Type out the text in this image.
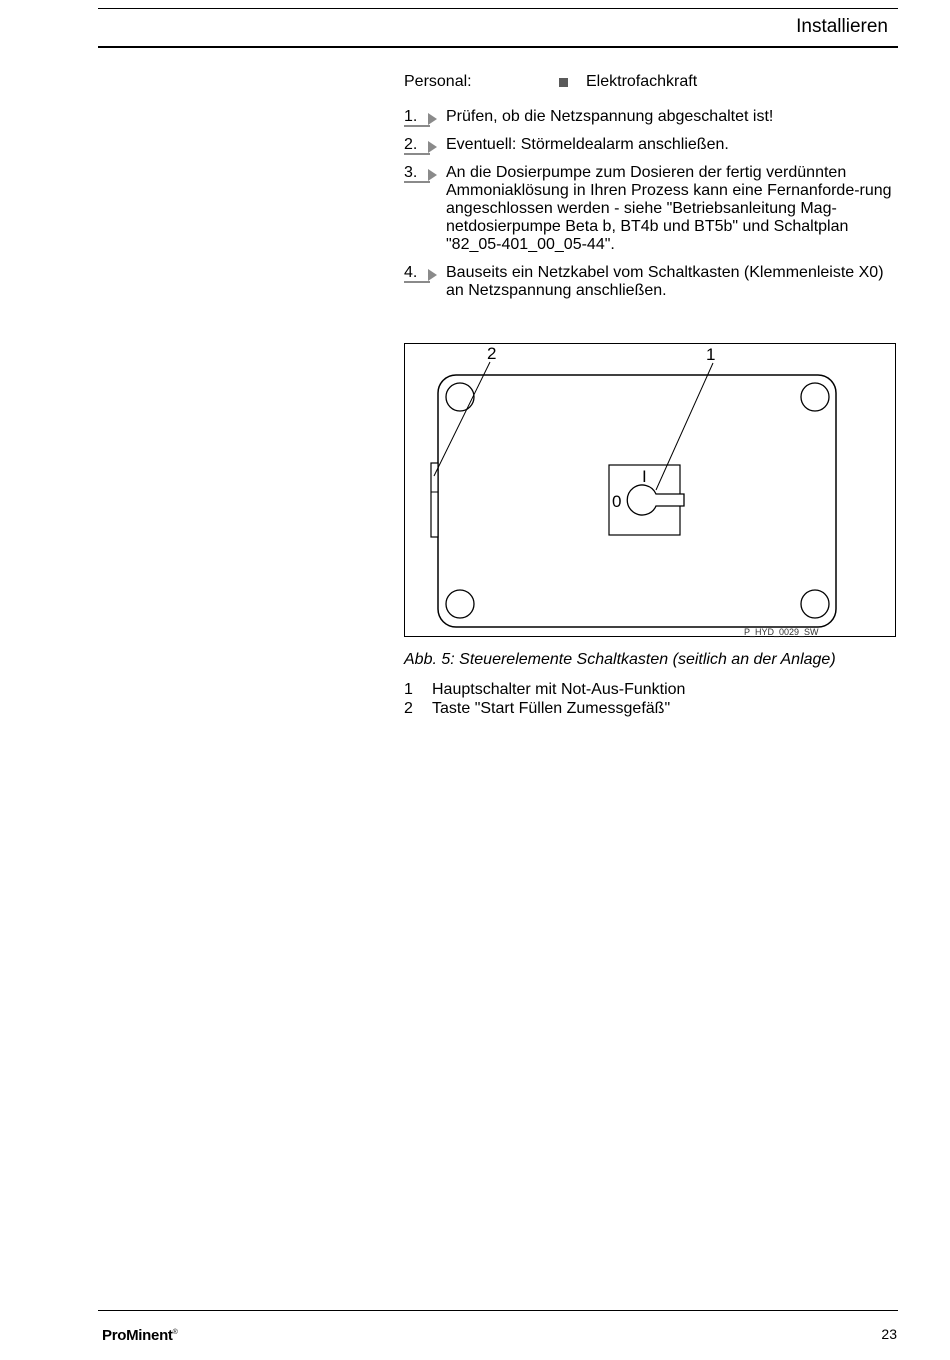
Installieren
Personal:	Elektrofachkraft
1.	Prüfen, ob die Netzspannung abgeschaltet ist!
2.	Eventuell: Störmeldealarm anschließen.
3.	An die Dosierpumpe zum Dosieren der fertig verdünnten Ammoniaklösung in Ihren Prozess kann eine Fernanforde-rung angeschlossen werden - siehe "Betriebsanleitung Mag-netdosierpumpe Beta b, BT4b und BT5b" und Schaltplan "82_05-401_00_05-44".
4.	Bauseits ein Netzkabel vom Schaltkasten (Klemmenleiste X0) an Netzspannung anschließen.
2	1
I
0
P_HYD_0029_SW
Abb. 5: Steuerelemente Schaltkasten (seitlich an der Anlage)
1	Hauptschalter mit Not-Aus-Funktion
2	Taste "Start Füllen Zumessgefäß"
ProMinent®	23
